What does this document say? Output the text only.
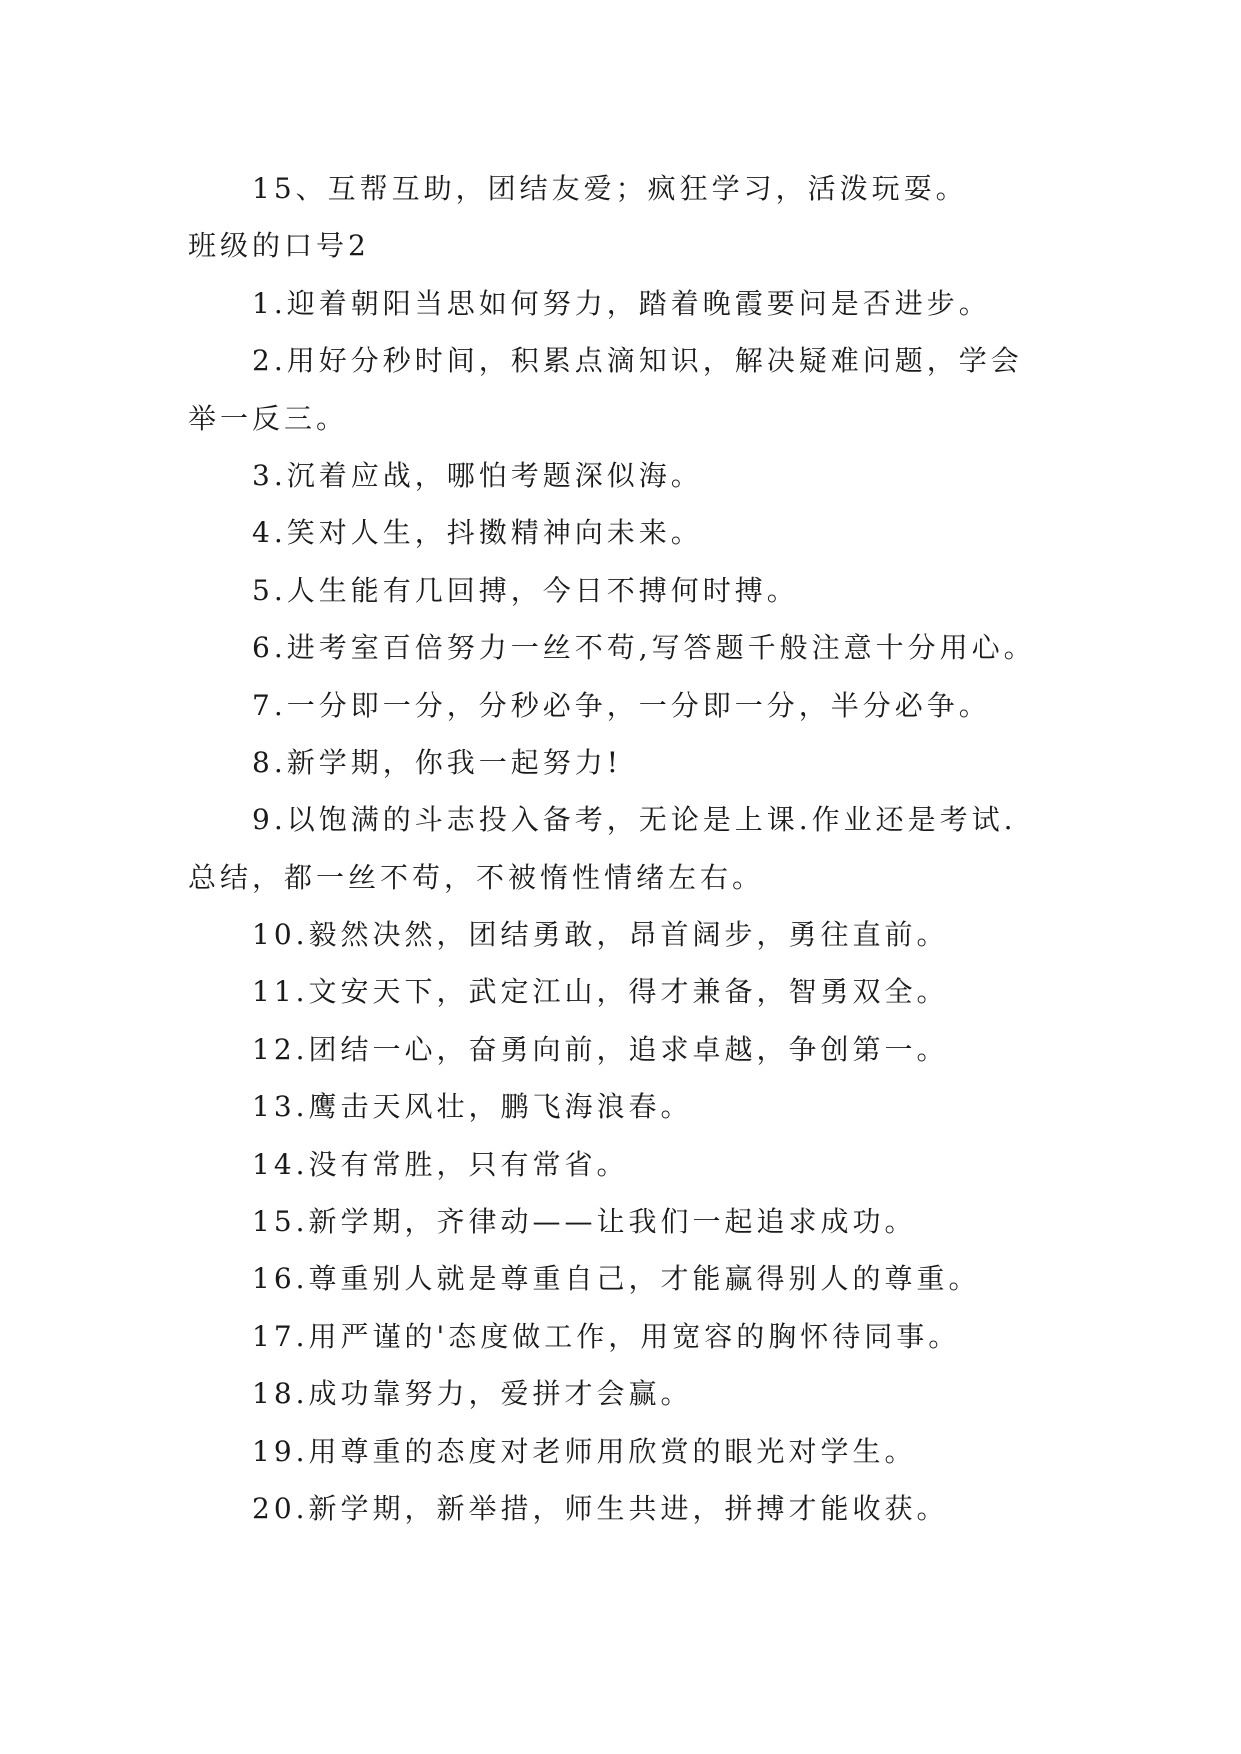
15、互帮互助，团结友爱；疯狂学习，活泼玩耍。
班级的口号2
1.迎着朝阳当思如何努力，踏着晚霞要问是否进步。
2.用好分秒时间，积累点滴知识，解决疑难问题，学会
举一反三。
3.沉着应战，哪怕考题深似海。
4.笑对人生，抖擞精神向未来。
5.人生能有几回搏，今日不搏何时搏。
6.进考室百倍努力一丝不苟,写答题千般注意十分用心。
7.一分即一分，分秒必争，一分即一分，半分必争。
8.新学期，你我一起努力!
9.以饱满的斗志投入备考，无论是上课.作业还是考试.
总结，都一丝不苟，不被惰性情绪左右。
10.毅然决然，团结勇敢，昂首阔步，勇往直前。
11.文安天下，武定江山，得才兼备，智勇双全。
12.团结一心，奋勇向前，追求卓越，争创第一。
13.鹰击天风壮，鹏飞海浪春。
14.没有常胜，只有常省。
15.新学期，齐律动——让我们一起追求成功。
16.尊重别人就是尊重自己，才能赢得别人的尊重。
17.用严谨的'态度做工作，用宽容的胸怀待同事。
18.成功靠努力，爱拼才会赢。
19.用尊重的态度对老师用欣赏的眼光对学生。
20.新学期，新举措，师生共进，拼搏才能收获。
